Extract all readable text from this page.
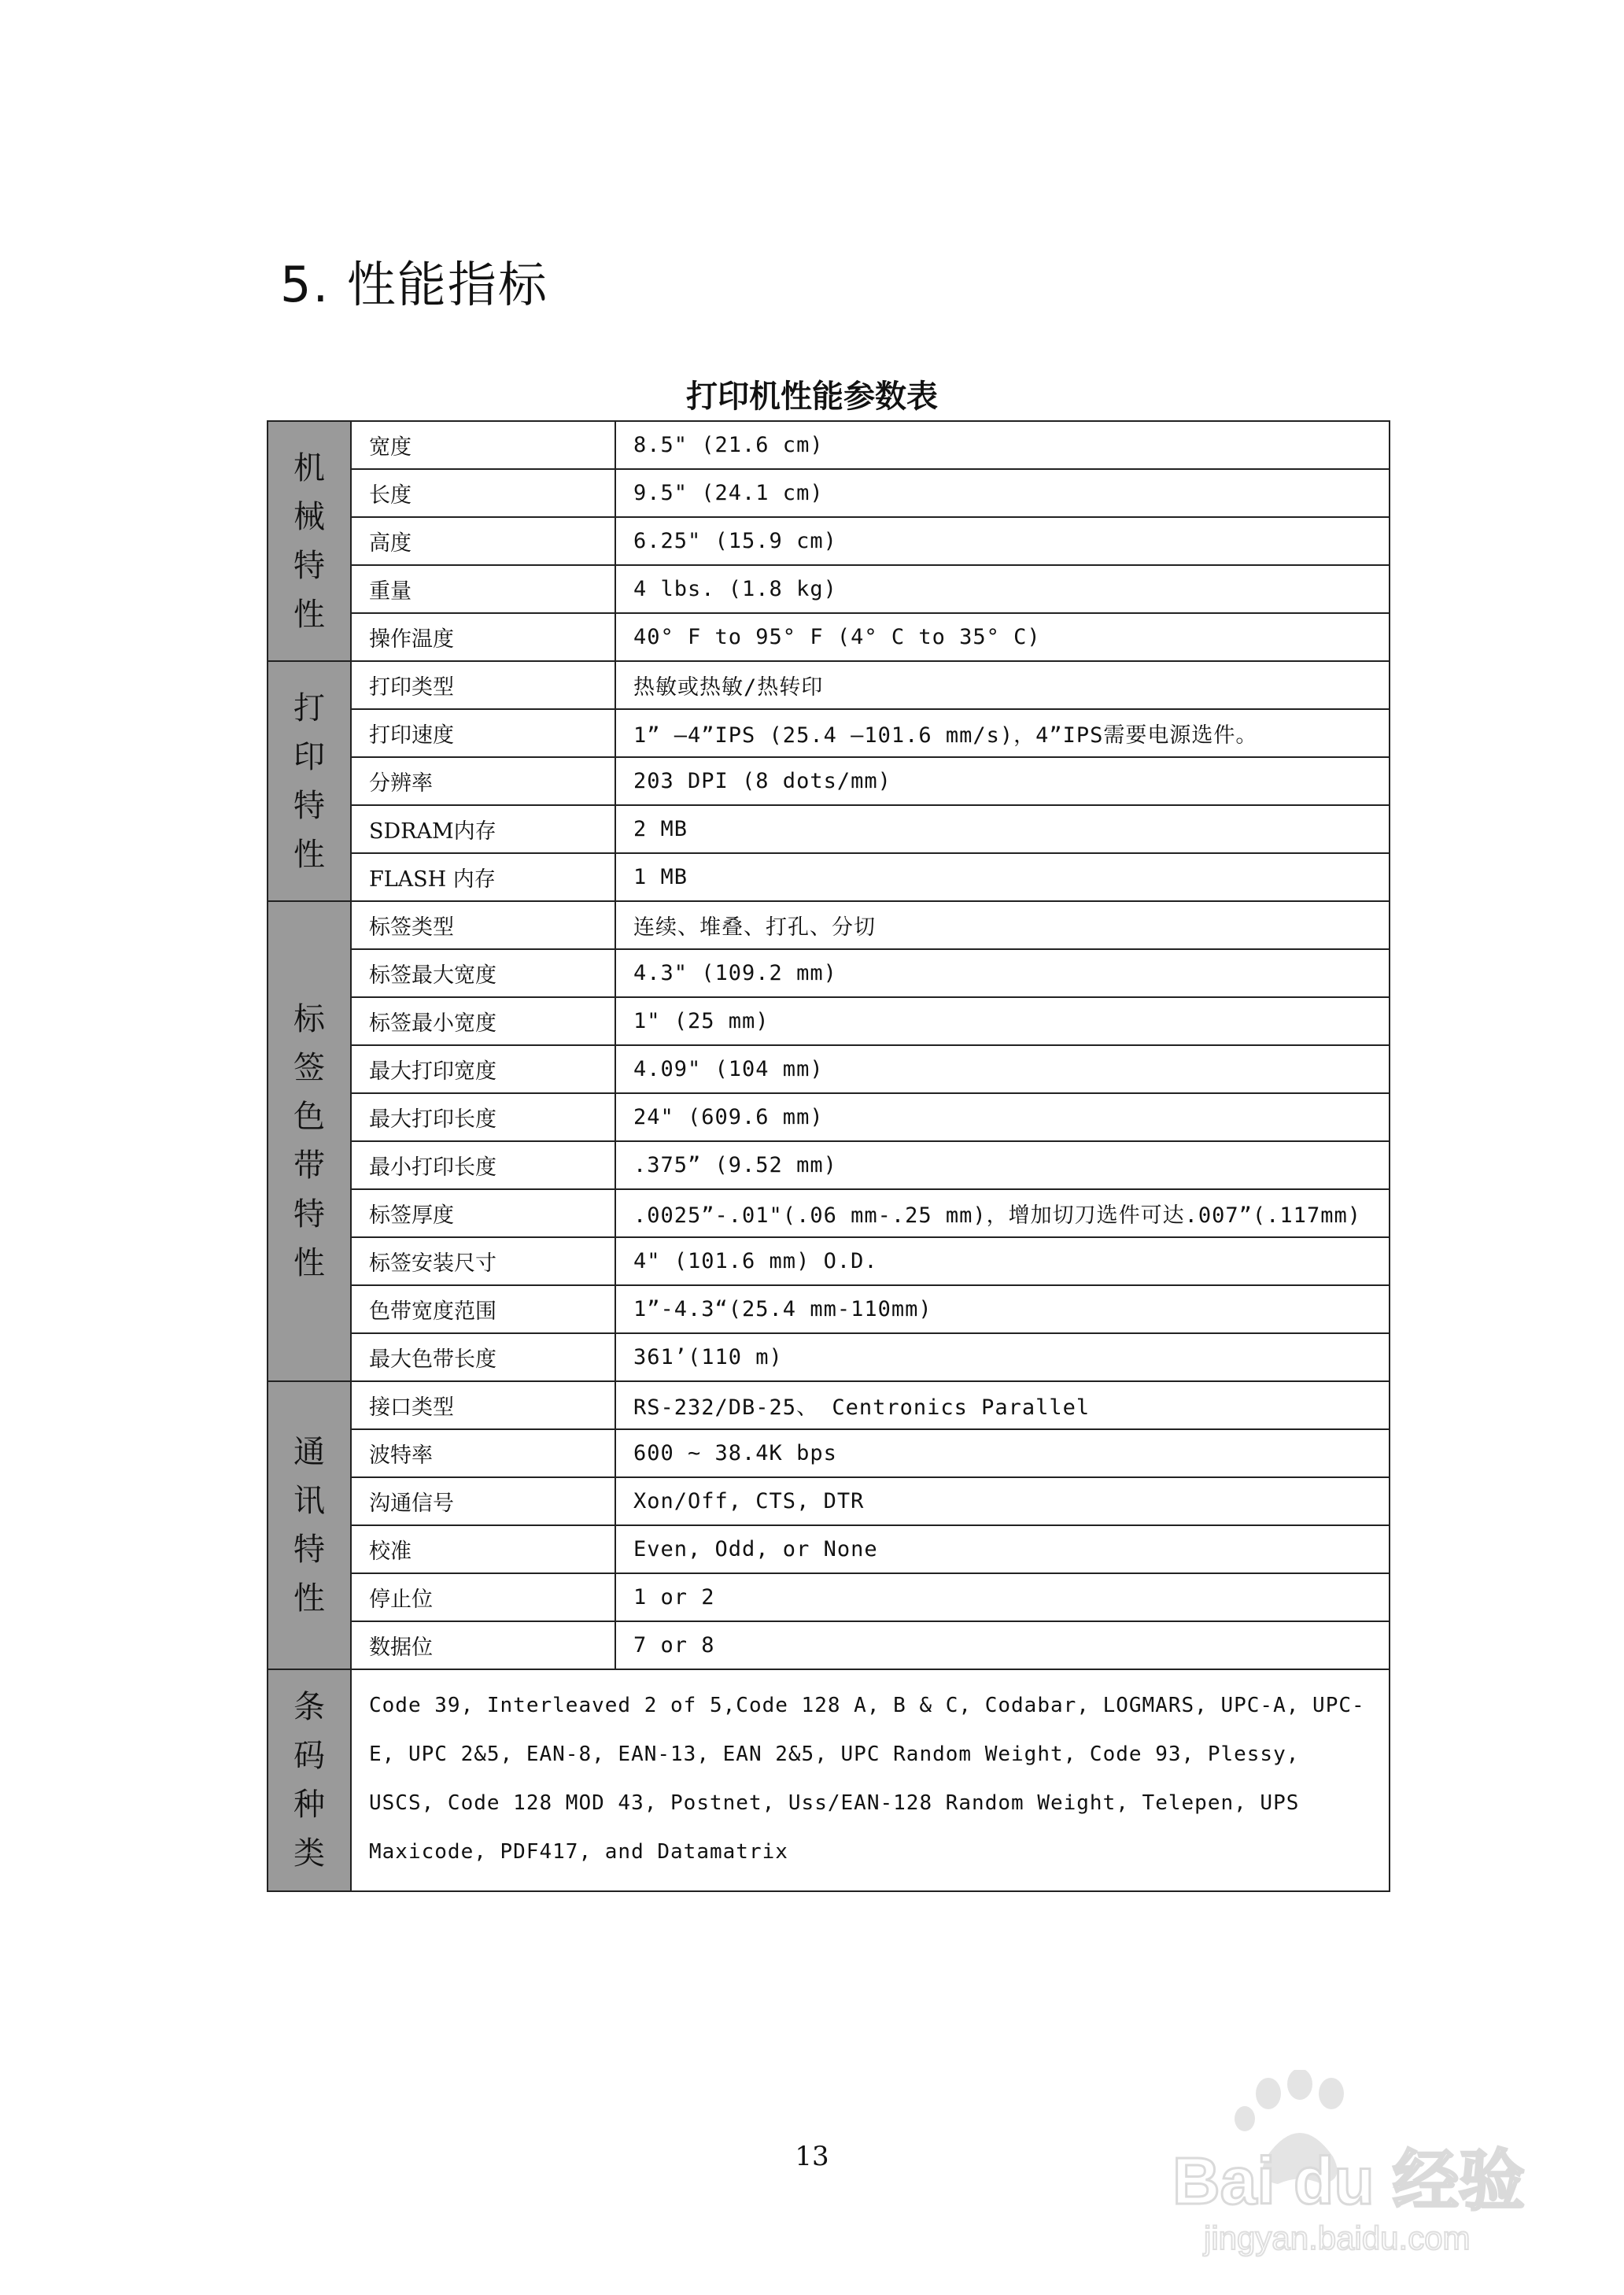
5. 性能指标
打印机性能参数表
机械特性	宽度	8.5" (21.6 cm)
	长度	9.5" (24.1 cm)
	高度	6.25" (15.9 cm)
	重量	4 lbs. (1.8 kg)
	操作温度	40° F to 95° F (4° C to 35° C)
打印特性	打印类型	热敏或热敏/热转印
	打印速度	1” –4”IPS (25.4 –101.6 mm/s)，4”IPS需要电源选件。
	分辨率	203 DPI (8 dots/mm)
	SDRAM内存	2 MB
	FLASH 内存	1 MB
标签色带特性	标签类型	连续、堆叠、打孔、分切
	标签最大宽度	4.3" (109.2 mm)
	标签最小宽度	1" (25 mm)
	最大打印宽度	4.09" (104 mm)
	最大打印长度	24" (609.6 mm)
	最小打印长度	.375” (9.52 mm)
	标签厚度	.0025”-.01"(.06 mm-.25 mm)，增加切刀选件可达.007”(.117mm)
	标签安装尺寸	4" (101.6 mm) O.D.
	色带宽度范围	1”-4.3“(25.4 mm-110mm)
	最大色带长度	361’(110 m)
通讯特性	接口类型	RS-232/DB-25、 Centronics Parallel
	波特率	600 ~ 38.4K bps
	沟通信号	Xon/Off, CTS, DTR
	校准	Even, Odd, or None
	停止位	1 or 2
	数据位	7 or 8
条码种类	Code 39, Interleaved 2 of 5,Code 128 A, B & C, Codabar, LOGMARS, UPC-A, UPC-E, UPC 2&5, EAN-8, EAN-13, EAN 2&5, UPC Random Weight, Code 93, Plessy, USCS, Code 128 MOD 43, Postnet, Uss/EAN-128 Random Weight, Telepen, UPS Maxicode, PDF417, and Datamatrix	
13	Bai du 经验
jingyan.baidu.com
